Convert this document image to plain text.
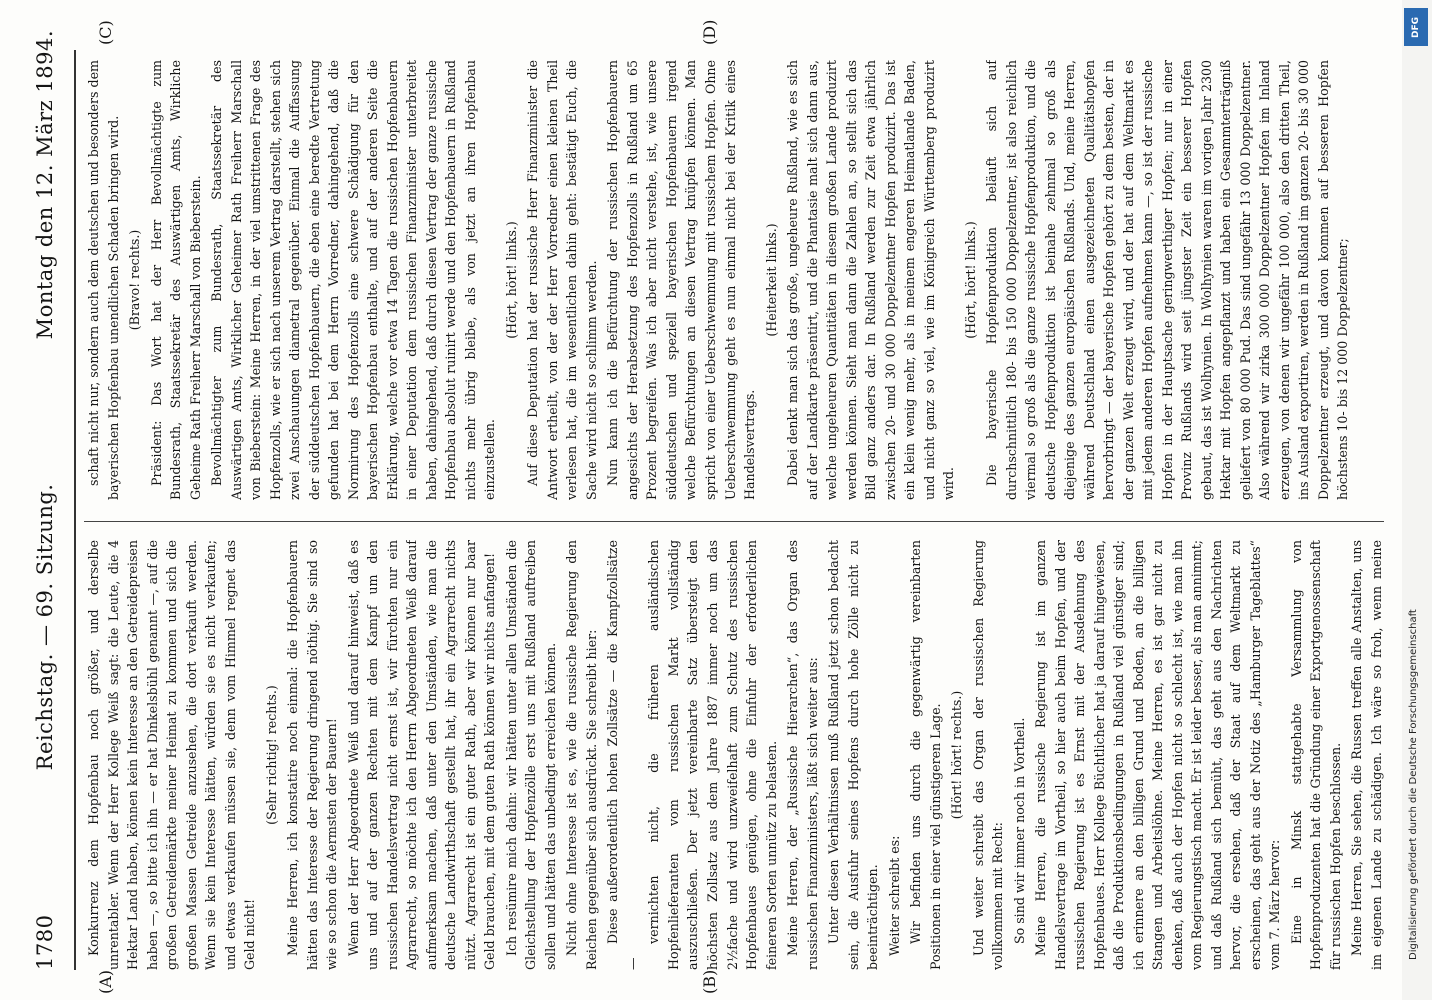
1780
Reichstag. — 69. Sitzung.
Montag den 12. März 1894.
(A)	(B)
(C)	(D)

Konkurrenz dem Hopfenbau noch größer, und derselbe unrentabler. Wenn der Herr Kollege Weiß sagt: die Leute, die 4 Hektar Land haben, können kein Interesse an den Getreidepreisen haben —, so bitte ich ihn — er hat Dinkelsbühl genannt —, auf die großen Getreidemärkte meiner Heimat zu kommen und sich die großen Massen Getreide anzusehen, die dort verkauft werden. Wenn sie kein Interesse hätten, würden sie es nicht verkaufen; und etwas verkaufen müssen sie, denn vom Himmel regnet das Geld nicht!

(Sehr richtig! rechts.) Meine Herren, ich konstatire noch einmal: die Hopfenbauern hätten das Interesse der Regierung dringend nöthig. Sie sind so wie so schon die Aermsten der Bauern! Wenn der Herr Abgeordnete Weiß und darauf hinweist, daß es uns und auf der ganzen Rechten mit dem Kampf um den russischen Handelsvertrag nicht ernst ist, wir fürchten nur ein Agrarrecht, so möchte ich den Herrn Abgeordneten Weiß darauf aufmerksam machen, daß unter den Umständen, wie man die deutsche Landwirthschaft gestellt hat, ihr ein Agrarrecht nichts nützt. Agrarrecht ist ein guter Rath, aber wir können nur baar Geld brauchen, mit dem guten Rath können wir nichts anfangen! Ich resümire mich dahin: wir hätten unter allen Umständen die Gleichstellung der Hopfenzölle erst uns mit Rußland auftreiben sollen und hätten das unbedingt erreichen können. Nicht ohne Interesse ist es, wie die russische Regierung den Reichen gegenüber sich ausdrückt. Sie schreibt hier: Diese außerordentlich hohen Zollsätze — die Kampfzollsätze —

vernichten nicht, die früheren ausländischen Hopfenlieferanten vom russischen Markt vollständig auszuschließen. Der jetzt vereinbarte Satz übersteigt den höchsten Zollsatz aus dem Jahre 1887 immer noch um das 2½fache und wird unzweifelhaft zum Schutz des russischen Hopfenbaues genügen, ohne die Einfuhr der erforderlichen feineren Sorten unnütz zu belasten. Meine Herren, der „Russische Hierarchen“, das Organ des russischen Finanzministers, läßt sich weiter aus: Unter diesen Verhältnissen muß Rußland jetzt schon bedacht sein, die Ausfuhr seines Hopfens durch hohe Zölle nicht zu beeinträchtigen. Weiter schreibt es: Wir befinden uns durch die gegenwärtig vereinbarten Positionen in einer viel günstigeren Lage. (Hört! hört! rechts.) Und weiter schreibt das Organ der russischen Regierung vollkommen mit Recht: So sind wir immer noch in Vortheil. Meine Herren, die russische Regierung ist im ganzen Handelsvertrage im Vortheil, so hier auch beim Hopfen, und der russischen Regierung ist es Ernst mit der Ausdehnung des Hopfenbaues. Herr Kollege Büchtlicher hat ja darauf hingewiesen, daß die Produktionsbedingungen in Rußland viel günstiger sind; ich erinnere an den billigen Grund und Boden, an die billigen Stangen und Arbeitslöhne. Meine Herren, es ist gar nicht zu denken, daß auch der Hopfen nicht so schlecht ist, wie man ihn vom Regierungstisch macht. Er ist leider besser, als man annimmt; und daß Rußland sich bemüht, das geht aus den Nachrichten hervor, die ersehen, daß der Staat auf dem Weltmarkt zu erscheinen, das geht aus der Notiz des „Hamburger Tageblattes“ vom 7. März hervor: Eine in Minsk stattgehabte Versammlung von Hopfenproduzenten hat die Gründung einer Exportgenossenschaft für russischen Hopfen beschlossen. Meine Herren, Sie sehen, die Russen treffen alle Anstalten, uns im eigenen Lande zu schädigen. Ich wäre so froh, wenn meine

schaft nicht nur, sondern auch dem deutschen und besonders dem bayerischen Hopfenbau unendlichen Schaden bringen wird. (Bravo! rechts.) Präsident: Das Wort hat der Herr Bevollmächtigte zum Bundesrath, Staatssekretär des Auswärtigen Amts, Wirkliche Geheime Rath Freiherr Marschall von Bieberstein. Bevollmächtigter zum Bundesrath, Staatssekretär des Auswärtigen Amts, Wirklicher Geheimer Rath Freiherr Marschall von Bieberstein: Meine Herren, in der viel umstrittenen Frage des Hopfenzolls, wie er sich nach unserem Vertrag darstellt, stehen sich zwei Anschauungen diametral gegenüber. Einmal die Auffassung der süddeutschen Hopfenbauern, die eben eine beredte Vertretung gefunden hat bei dem Herrn Vorredner, dahingehend, daß die Normirung des Hopfenzolls eine schwere Schädigung für den bayerischen Hopfenbau enthalte, und auf der anderen Seite die Erklärung, welche vor etwa 14 Tagen die russischen Hopfenbauern in einer Deputation dem russischen Finanzminister unterbreitet haben, dahingehend, daß durch diesen Vertrag der ganze russische Hopfenbau absolut ruinirt werde und den Hopfenbauern in Rußland nichts mehr übrig bleibe, als von jetzt an ihren Hopfenbau einzustellen.

(Hört, hört! links.) Auf diese Deputation hat der russische Herr Finanzminister die Antwort ertheilt, von der der Herr Vorredner einen kleinen Theil verlesen hat, die im wesentlichen dahin geht: bestätigt Euch, die Sache wird nicht so schlimm werden. Nun kann ich die Befürchtung der russischen Hopfenbauern angesichts der Herabsetzung des Hopfenzolls in Rußland um 65 Prozent begreifen. Was ich aber nicht verstehe, ist, wie unsere süddeutschen und speziell bayerischen Hopfenbauern irgend welche Befürchtungen an diesen Vertrag knüpfen können. Man spricht von einer Ueberschwemmung mit russischem Hopfen. Ohne Ueberschwemmung geht es nun einmal nicht bei der Kritik eines Handelsvertrags.

(Heiterkeit links.) Dabei denkt man sich das große, ungeheure Rußland, wie es sich auf der Landkarte präsentirt, und die Phantasie malt sich dann aus, welche ungeheuren Quantitäten in diesem großen Lande produzirt werden können. Sieht man dann die Zahlen an, so stellt sich das Bild ganz anders dar. In Rußland werden zur Zeit etwa jährlich zwischen 20- und 30 000 Doppelzentner Hopfen produzirt. Das ist ein klein wenig mehr, als in meinem engeren Heimatlande Baden, und nicht ganz so viel, wie im Königreich Württemberg produzirt wird.

(Hört, hört! links.) Die bayerische Hopfenproduktion beläuft sich auf durchschnittlich 180- bis 150 000 Doppelzentner, ist also reichlich viermal so groß als die ganze russische Hopfenproduktion, und die deutsche Hopfenproduktion ist beinahe zehnmal so groß als diejenige des ganzen europäischen Rußlands. Und, meine Herren, während Deutschland einen ausgezeichneten Qualitätshopfen hervorbringt — der bayerische Hopfen gehört zu dem besten, der in der ganzen Welt erzeugt wird, und der hat auf dem Weltmarkt es mit jedem anderen Hopfen aufnehmen kann —, so ist der russische Hopfen in der Hauptsache geringwerthiger Hopfen; nur in einer Provinz Rußlands wird seit jüngster Zeit ein besserer Hopfen gebaut, das ist Wolhynien. In Wolhynien waren im vorigen Jahr 2300 Hektar mit Hopfen angepflanzt und haben ein Gesammterträgniß geliefert von 80 000 Pud. Das sind ungefähr 13 000 Doppelzentner. Also während wir zirka 300 000 Doppelzentner Hopfen im Inland erzeugen, von denen wir ungefähr 100 000, also den dritten Theil, ins Ausland exportiren, werden in Rußland im ganzen 20- bis 30 000 Doppelzentner erzeugt, und davon kommen auf besseren Hopfen höchstens 10- bis 12 000 Doppelzentner;

DFG
Digitalisierung gefördert durch die Deutsche Forschungsgemeinschaft
